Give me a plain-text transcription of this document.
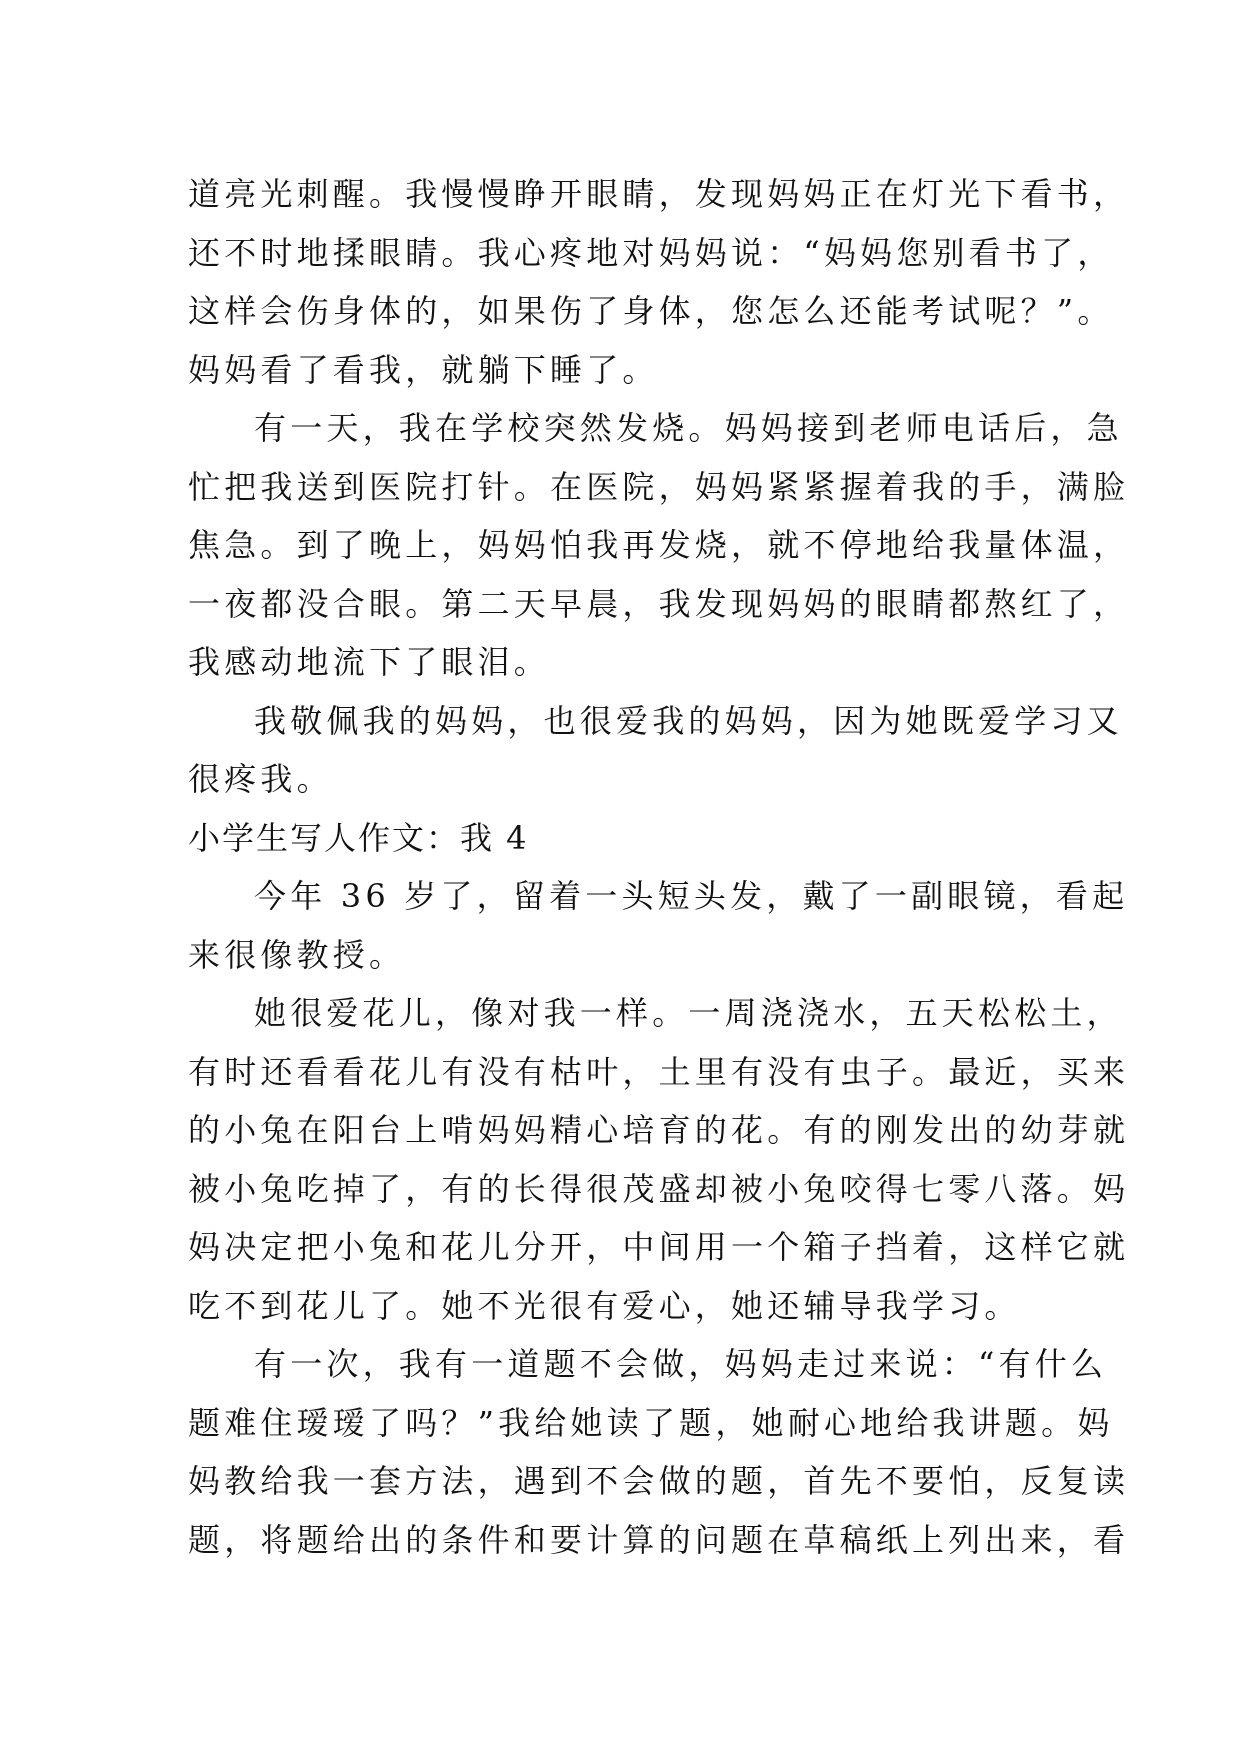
道亮光刺醒。我慢慢睁开眼睛，发现妈妈正在灯光下看书，
还不时地揉眼睛。我心疼地对妈妈说：“妈妈您别看书了，
这样会伤身体的，如果伤了身体，您怎么还能考试呢？”。
妈妈看了看我，就躺下睡了。
有一天，我在学校突然发烧。妈妈接到老师电话后，急
忙把我送到医院打针。在医院，妈妈紧紧握着我的手，满脸
焦急。到了晚上，妈妈怕我再发烧，就不停地给我量体温，
一夜都没合眼。第二天早晨，我发现妈妈的眼睛都熬红了，
我感动地流下了眼泪。
我敬佩我的妈妈，也很爱我的妈妈，因为她既爱学习又
很疼我。
小学生写人作文：我 4
今年 36 岁了，留着一头短头发，戴了一副眼镜，看起
来很像教授。
她很爱花儿，像对我一样。一周浇浇水，五天松松土，
有时还看看花儿有没有枯叶，土里有没有虫子。最近，买来
的小兔在阳台上啃妈妈精心培育的花。有的刚发出的幼芽就
被小兔吃掉了，有的长得很茂盛却被小兔咬得七零八落。妈
妈决定把小兔和花儿分开，中间用一个箱子挡着，这样它就
吃不到花儿了。她不光很有爱心，她还辅导我学习。
有一次，我有一道题不会做，妈妈走过来说：“有什么
题难住瑷瑷了吗？”我给她读了题，她耐心地给我讲题。妈
妈教给我一套方法，遇到不会做的题，首先不要怕，反复读
题，将题给出的条件和要计算的问题在草稿纸上列出来，看
